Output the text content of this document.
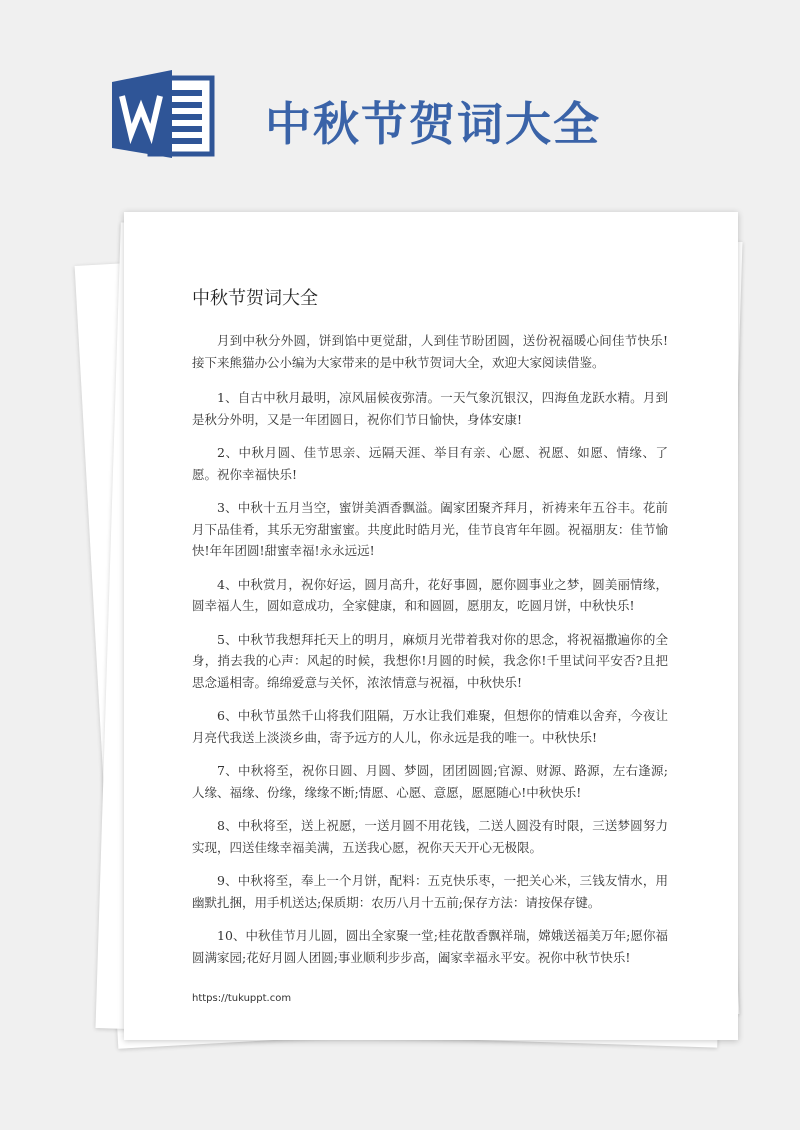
中秋节贺词大全
中秋节贺词大全

月到中秋分外圆，饼到馅中更觉甜，人到佳节盼团圆，送份祝福暖心间佳节快乐!接下来熊猫办公小编为大家带来的是中秋节贺词大全，欢迎大家阅读借鉴。

1、自古中秋月最明，凉风届候夜弥清。一天气象沉银汉，四海鱼龙跃水精。月到是秋分外明，又是一年团圆日，祝你们节日愉快，身体安康!

2、中秋月圆、佳节思亲、远隔天涯、举目有亲、心愿、祝愿、如愿、情缘、了愿。祝你幸福快乐!

3、中秋十五月当空，蜜饼美酒香飘溢。阖家团聚齐拜月，祈祷来年五谷丰。花前月下品佳肴，其乐无穷甜蜜蜜。共度此时皓月光，佳节良宵年年圆。祝福朋友：佳节愉快!年年团圆!甜蜜幸福!永永远远!

4、中秋赏月，祝你好运，圆月高升，花好事圆，愿你圆事业之梦，圆美丽情缘，圆幸福人生，圆如意成功，全家健康，和和圆圆，愿朋友，吃圆月饼，中秋快乐!

5、中秋节我想拜托天上的明月，麻烦月光带着我对你的思念，将祝福撒遍你的全身，捎去我的心声：风起的时候，我想你!月圆的时候，我念你!千里试问平安否?且把思念遥相寄。绵绵爱意与关怀，浓浓情意与祝福，中秋快乐!

6、中秋节虽然千山将我们阻隔，万水让我们难聚，但想你的情难以舍弃，今夜让月亮代我送上淡淡乡曲，寄予远方的人儿，你永远是我的唯一。中秋快乐!

7、中秋将至，祝你日圆、月圆、梦圆，团团圆圆;官源、财源、路源，左右逢源;人缘、福缘、份缘，缘缘不断;情愿、心愿、意愿，愿愿随心!中秋快乐!

8、中秋将至，送上祝愿，一送月圆不用花钱，二送人圆没有时限，三送梦圆努力实现，四送佳缘幸福美满，五送我心愿，祝你天天开心无极限。

9、中秋将至，奉上一个月饼，配料：五克快乐枣，一把关心米，三钱友情水，用幽默扎捆，用手机送达;保质期：农历八月十五前;保存方法：请按保存键。

10、中秋佳节月儿圆，圆出全家聚一堂;桂花散香飘祥瑞，嫦娥送福美万年;愿你福圆满家园;花好月圆人团圆;事业顺利步步高，阖家幸福永平安。祝你中秋节快乐!

https://tukuppt.com
